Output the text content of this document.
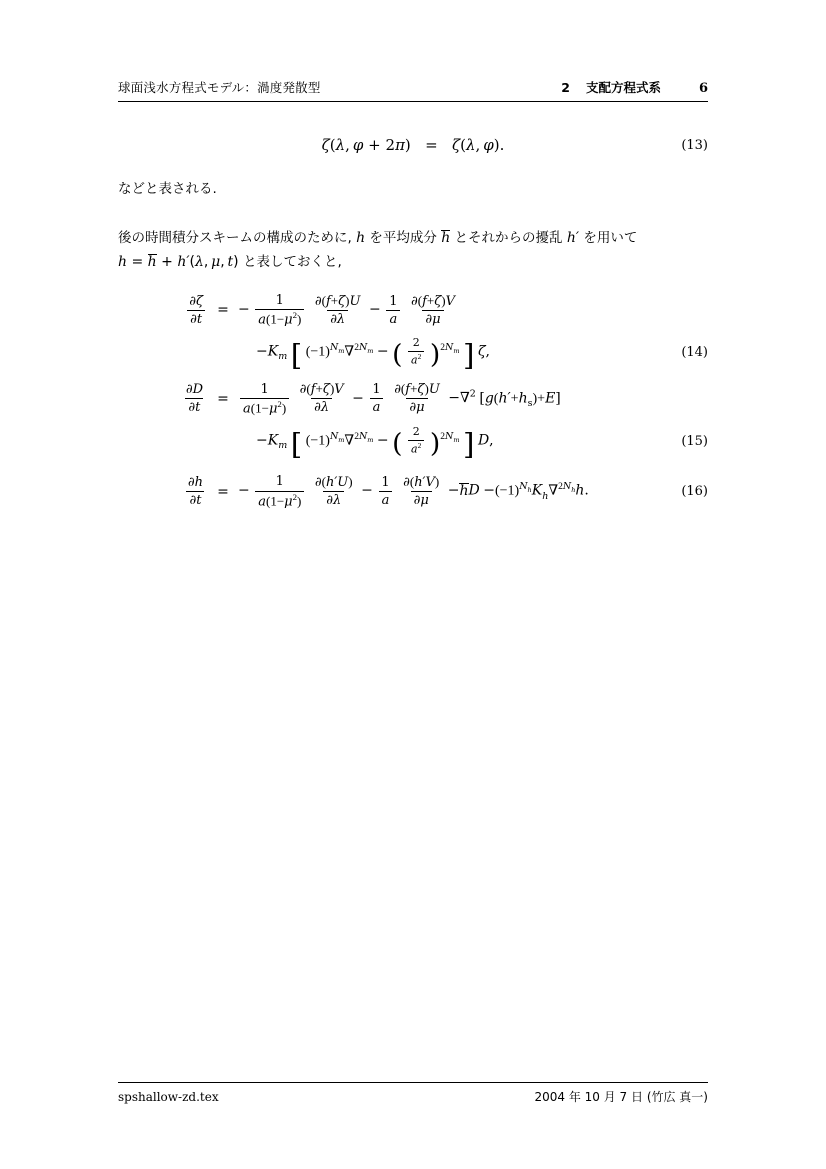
球面浅水方程式モデル：渦度発散型	2 支配方程式系	6
ζ(λ, φ + 2π)   =   ζ(λ, φ).	(13)
などと表される.
後の時間積分スキームの構成のために, h を平均成分 h とそれからの擾乱 h′ を用いて h = h + h′(λ, μ, t) と表しておくと,
$\frac{\partial\zeta}{\partial t}$ = − $\frac{1}{a(1-\mu^2)}$
$\frac{\partial(f+\zeta)U}{\partial\lambda} - \frac{1}{a}$
$\frac{\partial(f+\zeta)V}{\partial\mu}$
$-K_m$ [ $(-1)^{N_m}\nabla^{2N_m}$ − ( $\frac{2}{a^2} )^{2N_m}$ ] ζ,	(14)
$\frac{\partial D}{\partial t} = \frac{1}{a(1-\mu^2)}$
$\frac{\partial(f+\zeta)V}{\partial\lambda} - \frac{1}{a}$
$\frac{\partial(f+\zeta)U}{\partial\mu} -\nabla^2$ $[g(h'+h_s)+E]$
$-K_m$ [ $(-1)^{N_m}\nabla^{2N_m}$ − ( $\frac{2}{a^2} )^{2N_m}$ ] D,	(15)
$\frac{\partial h}{\partial t}$ = − $\frac{1}{a(1-\mu^2)}$
$\frac{\partial(h'U)}{\partial\lambda} - \frac{1}{a}$
$\frac{\partial(h'V)}{\partial\mu} -hD -(-1)^{N_h}K_h\nabla^{2N_h}h$.	(16)
spshallow-zd.tex	2004 年 10 月 7 日 (竹広 真一)
